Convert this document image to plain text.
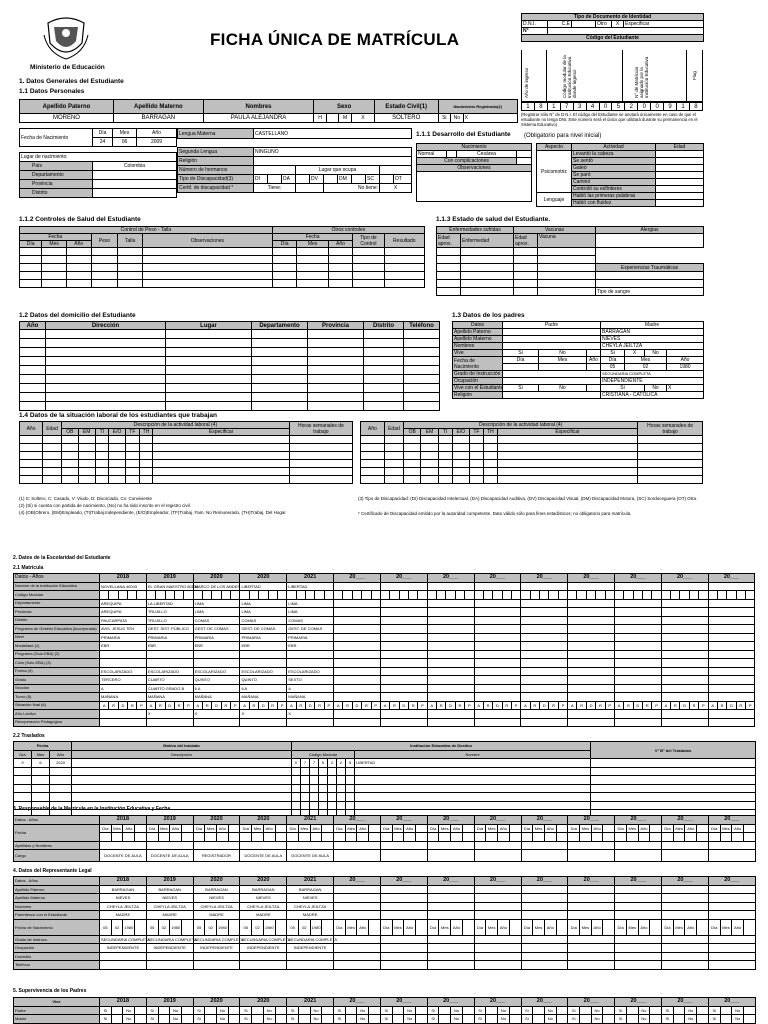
Ministerio de Educación
FICHA ÚNICA DE MATRÍCULA
Tipo de Documento de Identidad					
D.N.I.	C.E		Otro	X	Especificar
N°					
Código del Estudiante					
Año de ingreso	Código modular de la Institución Educativa donde ingresó	N° de Matrícula asignado por la Institución Educativa	Flag
1	8	1	7	3	4	0	5	2	0	0	9	1	8
(Registrar sólo N° de D.N.I. El código del Estudiante se anotará únicamente en caso de que el estudiante no tenga DNI. Este número será el único que utilizará durante su permanencia en el Sistema Educativo)
1. Datos Generales del Estudiante
1.1 Datos Personales
Apellido Paterno	Apellido Materno	Nombres	Sexo				Estado Civil(1)	Nacimiento Registrado(2)		
MORENO	BARRAGAN	PAULA ALEJANDRA	H		M	X	SOLTERO	Si	No	X
Fecha de Nacimiento	Día	Mes	Año
	24	06	2009

Lugar de nacimiento:			
País	Colombia		
Departamento			
Provincia			
Distrito			
Lengua Materna	CASTELLANO										

Segunda Lengua	NINGUNO										
Religión											
Número de hermanos				Lugar que ocupa							
Tipo de Discapacidad(3)	DI		DA		DV		DM		SC		OT
Certif. de discapacidad *	Tiene:					No tiene:				X	
1.1.1 Desarrollo del Estudiante (Obligatorio para nivel inicial)
Nacimiento			
Normal		Cesárea	
Con complicaciones			
Observaciones			

Aspecto	Actividad	Edad
Psicomotriz	Levantó la cabeza	
	Se sentó	
	Gateó	
	Se paró	
	Caminó	
	Controló su esfínteres	
Lenguaje	Habló las primeras palabras	
	Habló con fluidez	
1.1.2 Controles de Salud del Estudiante
Control de Peso - Talla						Otros controles				
Fecha			Peso	Talla	Observaciones	Fecha			Tipo de Control	Resultado
Día	Mes	Año				Día	Mes	Año		

1.1.3 Estado de salud del Estudiante.
Enfermedades sufridas		Vacunas		Alergias
Edad aprox.	Enfermedad	Edad aprox.	Vacuna	

				Experiencias Traumáticas

				Tipo de sangre
1.2 Datos del domicilio del Estudiante
Año	Dirección	Lugar	Departamento	Provincia	Distrito	Teléfono

1.3 Datos de los padres
Datos	Padre			Madre			
Apellido Paterno				BARRAGAN			
Apellido Materno				NIEVES			
Nombres				CHEYLA JEILTZA			
Vive	Si	No		Si	X	No	
Fecha de Nacimiento	Día	Mes	Año	Día	Mes		Año
				05	02		1980
Grado de Instrucción				SECUNDARIA COMPLETA			
Ocupación				INDEPENDIENTE			
Vive con el Estudiante	Si	No		Si		No	X
Religión				CRISTIANA - CATÓLICA			
1.4 Datos de la situación laboral de los estudiantes que trabajan
Año	Edad	Descripción de la actividad laboral (4)							Horas semanales de trabajo
		OB	EM	TI	E/O	TF	TH	Especificar	

Año	Edad	Descripción de la actividad laboral (4)							Horas semanales de trabajo
		OB	EM	TI	E/O	TF	TH	Especificar	

(1) S: Soltero, C: Casado, V: Viudo, D: Divorciado, Cv: Conviviente
(2) (Si) si cuenta con partida de nacimiento, (No) no ha sido inscrito en el registro civil.
(4) (OB)Obrero, (EM)Empleado, (TI)Trabaj.Independiente, (E/O)Empleador, (TF)Trabaj. Fam. No Remunerado, (TH)Trabaj. Del Hogar
(3) Tipo de Discapacidad: (DI) Discapacidad Intelectual, (DA) Discapacidad Auditiva, (DV) Discapacidad Visual, (DM) Discapacidad Motora, (SC) Sordoceguera (OT) Otra.
* Certificado de Discapacidad emitido por la autoridad competente. Dato válido sólo para fines estadísticos; no obligatorio para matrícula.
2. Datos de la Escolaridad del Estudiante
2.1 Matricula
Datos - Años	2018	2019	2020	2020	2021	20___	20___	20___	20___	20___	20___	20___	20___	20___
Nombre de la Institución Educativa	NOVELLANA 40043	EL GRAN MAESTRO 80135	MARCO DE LOS ANDES	LIBERTAD	LIBERTAD									
Código Modular																																																																						
Departamento	AREQUIPA	LA LIBERTAD	LIMA	LIMA	LIMA									
Provincia	AREQUIPA	TRUJILLO	LIMA	LIMA	LIMA									
Distrito	PAUCARPATA	TRUJILLO	COMAS	COMAS	COMAS									
Programa de Gestión Educativa (incorporada)	AVIS. JESUS TEN	GEST. SIST. PÚBLICO	GEST. DE COMAS	GEST. DE COMAS	GEST. DE COMAS									
Nivel	PRIMARIA	PRIMARIA	PRIMARIA	PRIMARIA	PRIMARIA									
Modalidad (1)	EBR	EBR	EBR	EBR	EBR									
Programa (Solo EBA) (2)														
Ciclo (Solo EBA) (3)														
Forma (4)	ESCOLARIZADO	ESCOLARIZADO	ESCOLARIZADO	ESCOLARIZADO	ESCOLARIZADO									
Grado	TERCERO	CUARTO	QUINTO	QUINTO	SEXTO									
Sección	A	CUARTO GRADO B	6 A	6 A	A									
Turno (5)	MAÑANA	MAÑANA	MAÑANA	MAÑANA	MAÑANA									
Situación final (6)	A	R	D	R	P	A	R	D	R	P	A	R	D	R	P	A	R	D	R	P	A	R	D	R	P	A	R	D	R	P	A	R	D	R	P	A	R	D	R	P	A	R	D	R	P	A	R	D	R	P	A	R	D	R	P	A	R	D	R	P	A	R	D	R	P	A	R	D	R	P
Año Lectivo		X	X	X	X									
Recuperación Pedagógica														
2.2 Traslados
Fecha			Motivo del traslado	Institución Educativa de Destino								V° B° del Traslados
Día	Mes	Año	Descripción	Código Modular							Nombre	
9	6	2020		0	7	7	5	2	2	5	LIBERTAD	

3. Responsable de la Matrícula en la Institución Educativa y Fecha
Datos - Años	2018				2019				2020				2020				2021				20___				20___				20___				20___				20___				20___				20___				20___				20___			
Fecha	Día	Mes	Año		Día	Mes	Año		Día	Mes	Año		Día	Mes	Año		Día	Mes	Año		Día	Mes	Año		Día	Mes	Año		Día	Mes	Año		Día	Mes	Año		Día	Mes	Año		Día	Mes	Año		Día	Mes	Año		Día	Mes	Año		Día	Mes	Año	

Apellidos y Nombres																																																								
Cargo	DOCENTE DE AULA				DOCENTE DE AULA				REGISTRADOR				DOCENTE DE AULA				DOCENTE DE AULA																																							
4. Datos del Representante Legal
Datos - Años	2018				2019				2020				2020				2021				20___				20___				20___				20___				20___				20___				20___				20___				20___			
Apellido Paterno	BARRAGAN				BARRAGAN				BARRAGAN				BARRAGAN				BARRAGAN																																							
Apellido Materno	NIEVES				NIEVES				NIEVES				NIEVES				NIEVES																																							
Nombres	CHEYLA JEILTZA				CHEYLA JEILTZA				CHEYLA JEILTZA				CHEYLA JEILTZA				CHEYLA JEILTZA																																							
Parentesco con el Estudiante	MADRE				MADRE				MADRE				MADRE				MADRE																																							
Fecha de Nacimiento	05	02	1980		05	02	1980		05	02	1980		05	02	1980		05	02	1980		Día	Mes	Año		Día	Mes	Año		Día	Mes	Año		Día	Mes	Año		Día	Mes	Año		Día	Mes	Año		Día	Mes	Año		Día	Mes	Año		Día	Mes	Año	
Grado de Instrucc.	SECUNDARIA COMPLETA				SECUNDARIA COMPLETA				SECUNDARIA COMPLETA				SECUNDARIA COMPLETA				SECUNDARIA COMPLETA																																							
Ocupación	INDEPENDIENTE				INDEPENDIENTE				INDEPENDIENTE				INDEPENDIENTE				INDEPENDIENTE																																							
Domicilio																																																								
Teléfono																																																								
5. Supervivencia de los Padres
Vive	2018				2019				2020				2020				2021				20___				20___				20___				20___				20___				20___				20___				20___				20___			
Padre	Si		No		Si		No		Si		No		Si		No		Si		No		Si		No		Si		No		Si		No		Si		No		Si		No		Si		No		Si		No		Si		No		Si		No	
Madre	Si		No		Si		No		Si		No		Si		No		Si		No		Si		No		Si		No		Si		No		Si		No		Si		No		Si		No		Si		No		Si		No		Si		No	
